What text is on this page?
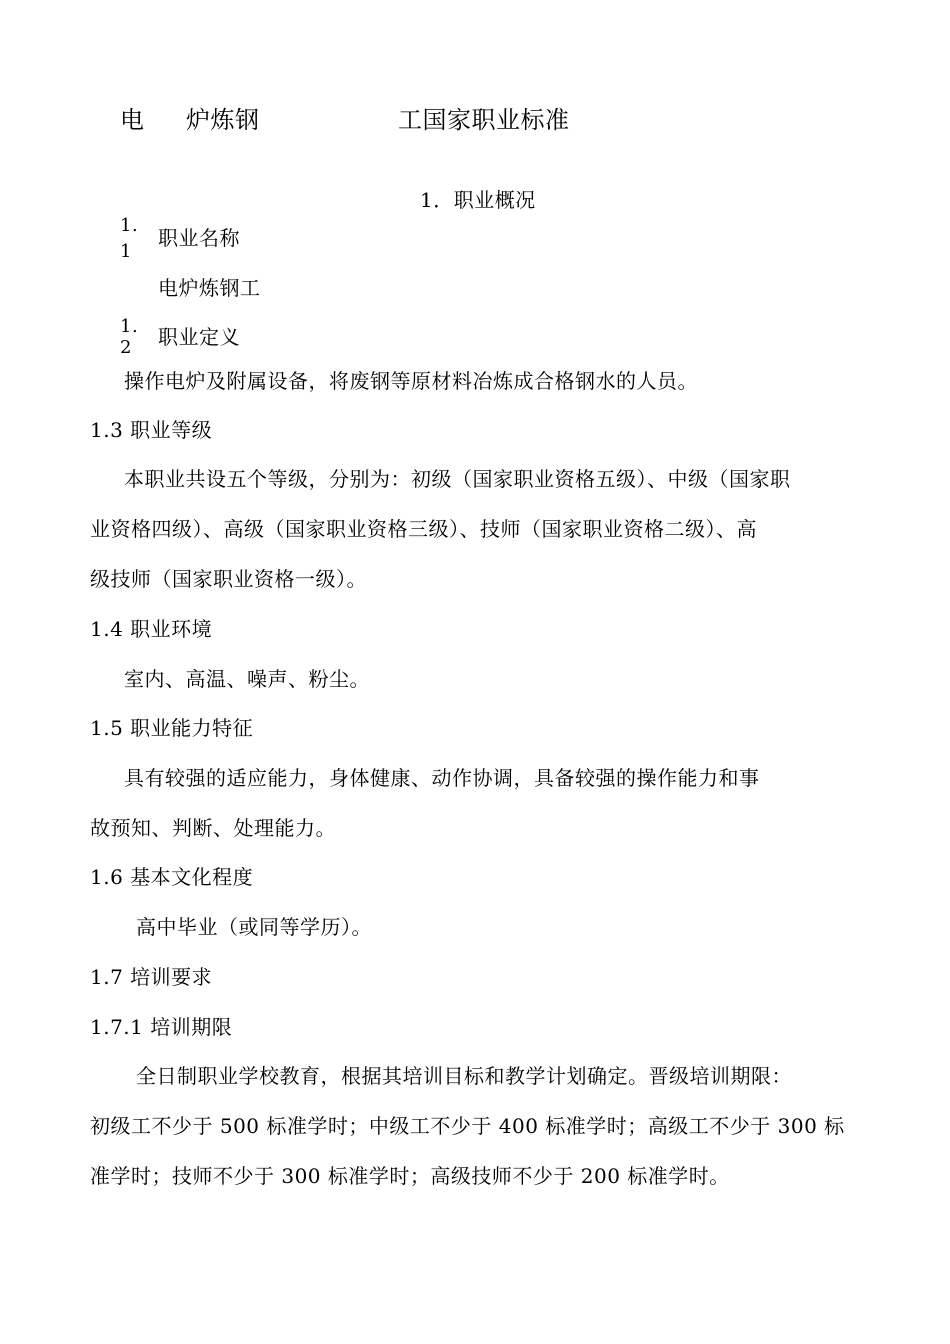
电 炉炼钢	工国家职业标准
1．职业概况
1.
1
职业名称
电炉炼钢工
1.
2 职业定义
操作电炉及附属设备，将废钢等原材料冶炼成合格钢水的人员。
1.3 职业等级
本职业共设五个等级，分别为：初级（国家职业资格五级）、中级（国家职
业资格四级）、高级（国家职业资格三级）、技师（国家职业资格二级）、高
级技师（国家职业资格一级）。
1.4 职业环境
室内、高温、噪声、粉尘。
1.5 职业能力特征
具有较强的适应能力，身体健康、动作协调，具备较强的操作能力和事
故预知、判断、处理能力。
1.6 基本文化程度
高中毕业（或同等学历）。
1.7 培训要求
1.7.1 培训期限
全日制职业学校教育，根据其培训目标和教学计划确定。晋级培训期限：
初级工不少于 500 标准学时；中级工不少于 400 标准学时；高级工不少于 300 标
准学时；技师不少于 300 标准学时；高级技师不少于 200 标准学时。
